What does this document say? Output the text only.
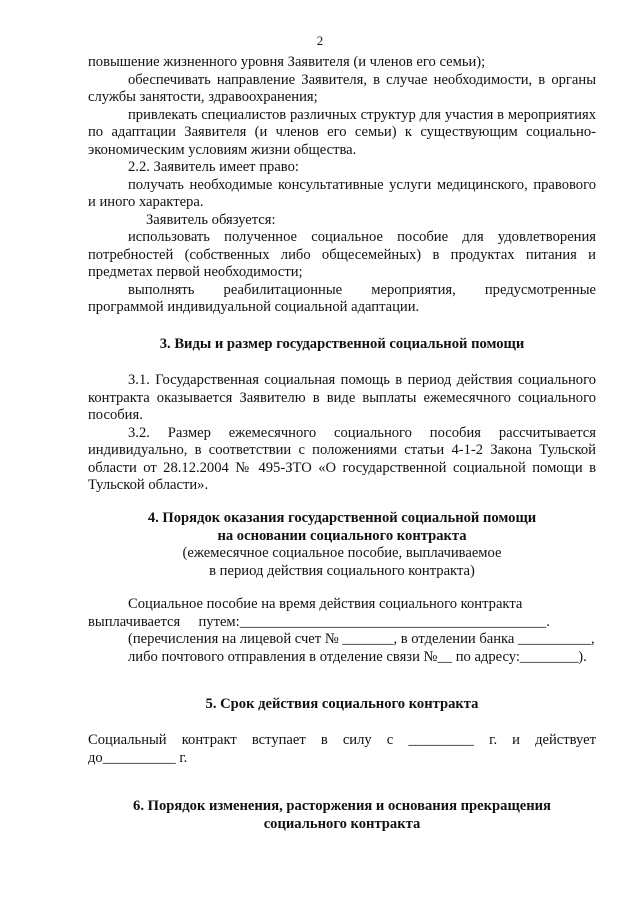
2

повышение жизненного уровня Заявителя (и членов его семьи);

обеспечивать направление Заявителя, в случае необходимости, в органы службы занятости, здравоохранения;

привлекать специалистов различных структур для участия в мероприятиях по адаптации Заявителя (и членов его семьи) к существующим социально-экономическим условиям жизни общества.

2.2. Заявитель имеет право:

получать необходимые консультативные услуги медицинского, правового и иного характера.

Заявитель обязуется:

использовать полученное социальное пособие для удовлетворения потребностей (собственных либо общесемейных) в продуктах питания и предметах первой необходимости;

выполнять реабилитационные мероприятия, предусмотренные программой индивидуальной социальной адаптации.

3. Виды и размер государственной социальной помощи

3.1. Государственная социальная помощь в период действия социального контракта оказывается Заявителю в виде выплаты ежемесячного социального пособия.

3.2. Размер ежемесячного социального пособия рассчитывается индивидуально, в соответствии с положениями статьи 4-1-2 Закона Тульской области от 28.12.2004 № 495-ЗТО «О государственной социальной помощи в Тульской области».

4. Порядок оказания государственной социальной помощи

на основании социального контракта

(ежемесячное социальное пособие, выплачиваемое

в период действия социального контракта)

Социальное пособие на время действия социального контракта

выплачивается     путем:__________________________________________.

(перечисления на лицевой счет № _______, в отделении банка __________,

либо почтового отправления в отделение связи №__ по адресу:________).

5. Срок действия социального контракта

Социальный контракт вступает в силу с _________ г. и действует

до__________ г.

6. Порядок изменения, расторжения и основания прекращения

социального контракта
